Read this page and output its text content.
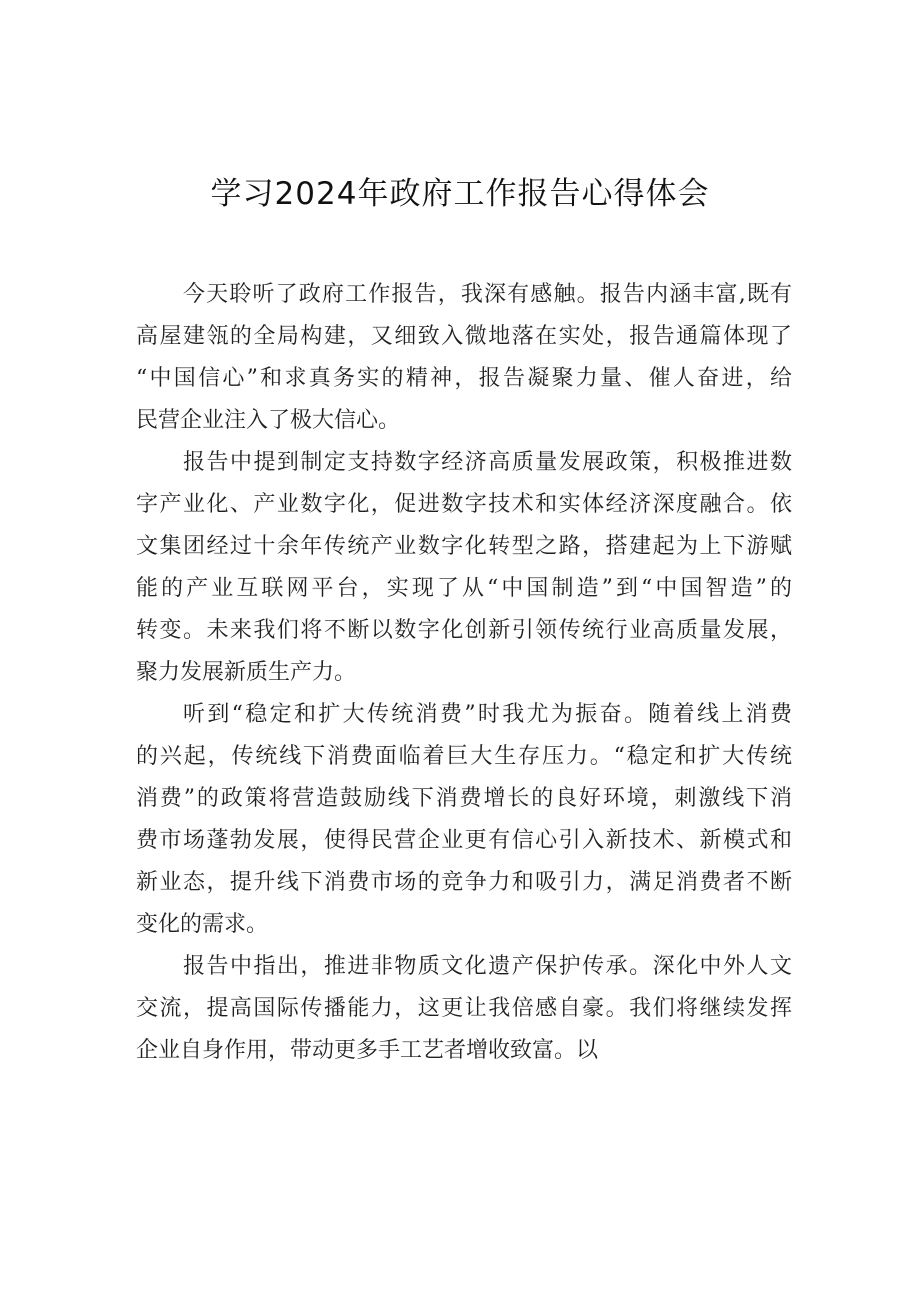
学习2024年政府工作报告心得体会
今天聆听了政府工作报告，我深有感触。报告内涵丰富,既有
高屋建瓴的全局构建，又细致入微地落在实处，报告通篇体现了
“中国信心”和求真务实的精神，报告凝聚力量、催人奋进，给
民营企业注入了极大信心。
报告中提到制定支持数字经济高质量发展政策，积极推进数
字产业化、产业数字化，促进数字技术和实体经济深度融合。依
文集团经过十余年传统产业数字化转型之路，搭建起为上下游赋
能的产业互联网平台，实现了从“中国制造”到“中国智造”的
转变。未来我们将不断以数字化创新引领传统行业高质量发展，
聚力发展新质生产力。
听到“稳定和扩大传统消费”时我尤为振奋。随着线上消费
的兴起，传统线下消费面临着巨大生存压力。“稳定和扩大传统
消费”的政策将营造鼓励线下消费增长的良好环境，刺激线下消
费市场蓬勃发展，使得民营企业更有信心引入新技术、新模式和
新业态，提升线下消费市场的竞争力和吸引力，满足消费者不断
变化的需求。
报告中指出，推进非物质文化遗产保护传承。深化中外人文
交流，提高国际传播能力，这更让我倍感自豪。我们将继续发挥
企业自身作用，带动更多手工艺者增收致富。以
